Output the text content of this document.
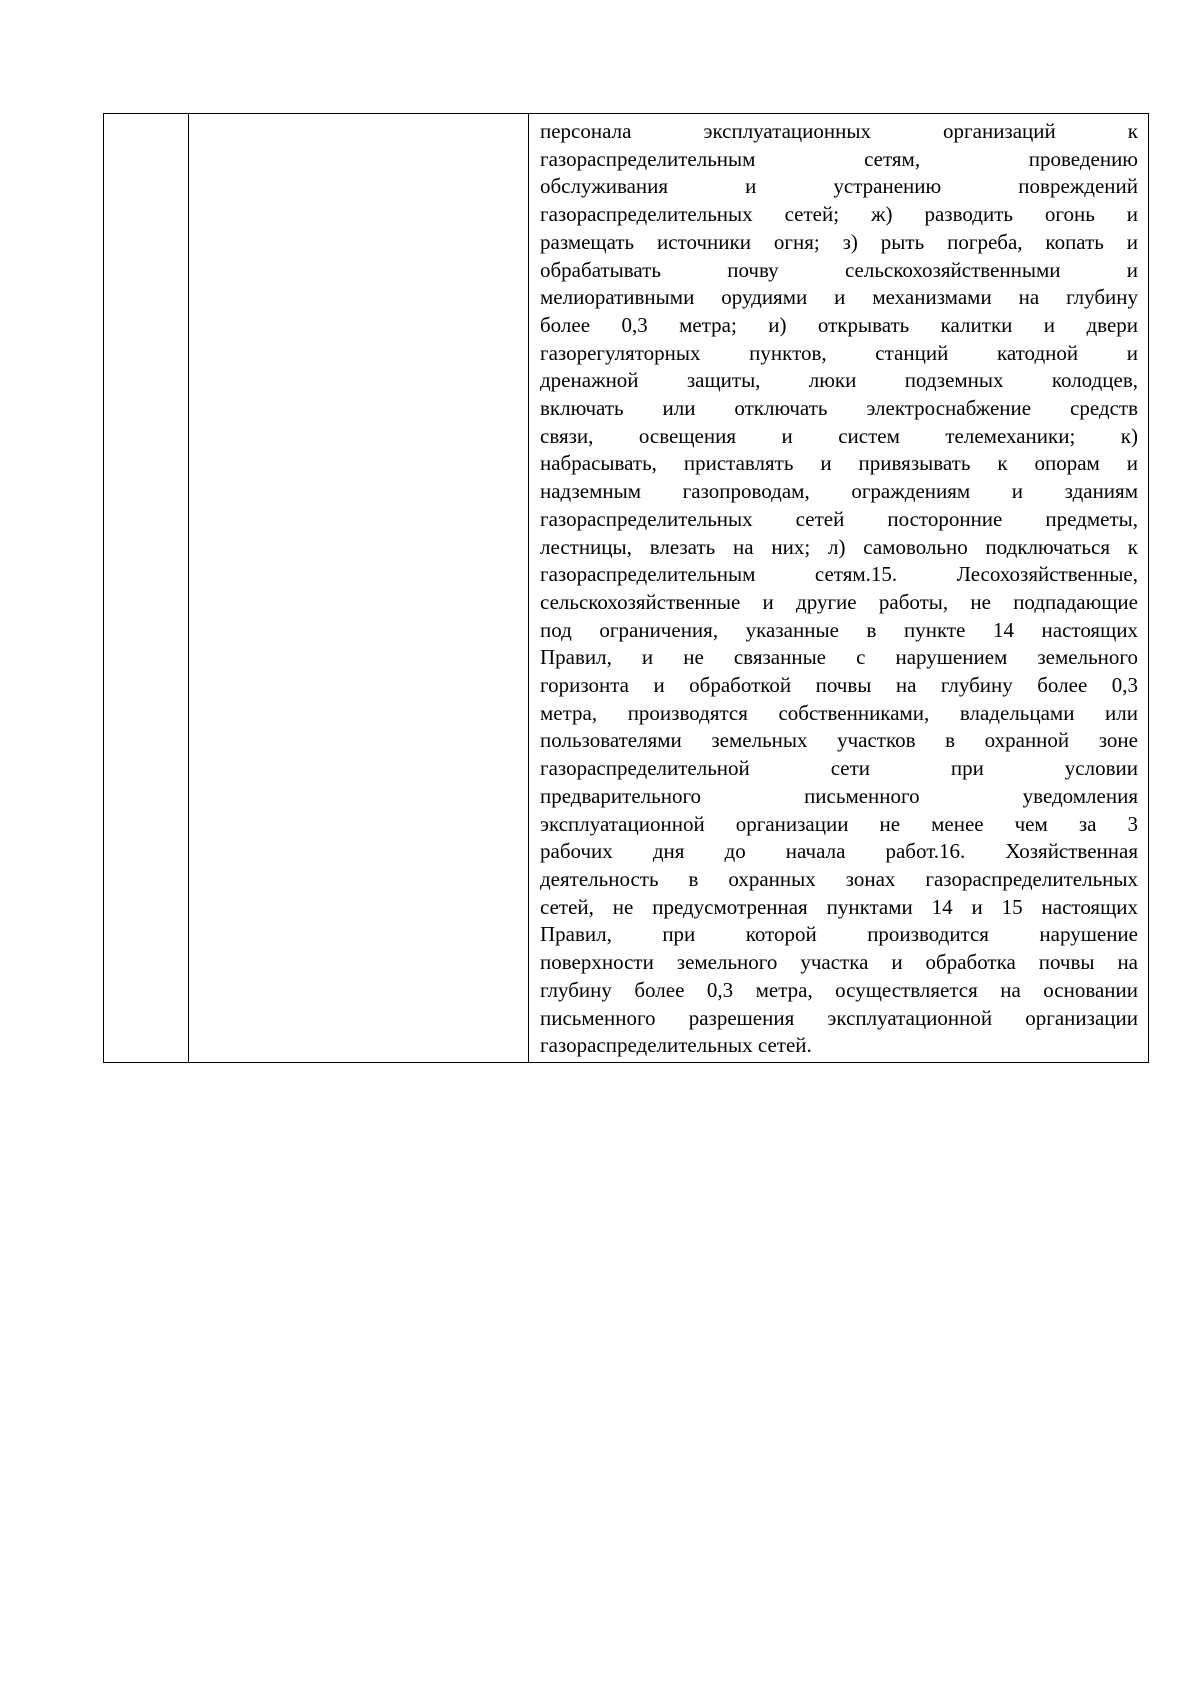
персонала эксплуатационных организаций к
газораспределительным сетям, проведению
обслуживания и устранению повреждений
газораспределительных сетей; ж) разводить огонь и
размещать источники огня; з) рыть погреба, копать и
обрабатывать почву сельскохозяйственными и
мелиоративными орудиями и механизмами на глубину
более 0,3 метра; и) открывать калитки и двери
газорегуляторных пунктов, станций катодной и
дренажной защиты, люки подземных колодцев,
включать или отключать электроснабжение средств
связи, освещения и систем телемеханики; к)
набрасывать, приставлять и привязывать к опорам и
надземным газопроводам, ограждениям и зданиям
газораспределительных сетей посторонние предметы,
лестницы, влезать на них; л) самовольно подключаться к
газораспределительным сетям.15. Лесохозяйственные,
сельскохозяйственные и другие работы, не подпадающие
под ограничения, указанные в пункте 14 настоящих
Правил, и не связанные с нарушением земельного
горизонта и обработкой почвы на глубину более 0,3
метра, производятся собственниками, владельцами или
пользователями земельных участков в охранной зоне
газораспределительной сети при условии
предварительного письменного уведомления
эксплуатационной организации не менее чем за 3
рабочих дня до начала работ.16. Хозяйственная
деятельность в охранных зонах газораспределительных
сетей, не предусмотренная пунктами 14 и 15 настоящих
Правил, при которой производится нарушение
поверхности земельного участка и обработка почвы на
глубину более 0,3 метра, осуществляется на основании
письменного разрешения эксплуатационной организации
газораспределительных сетей.
